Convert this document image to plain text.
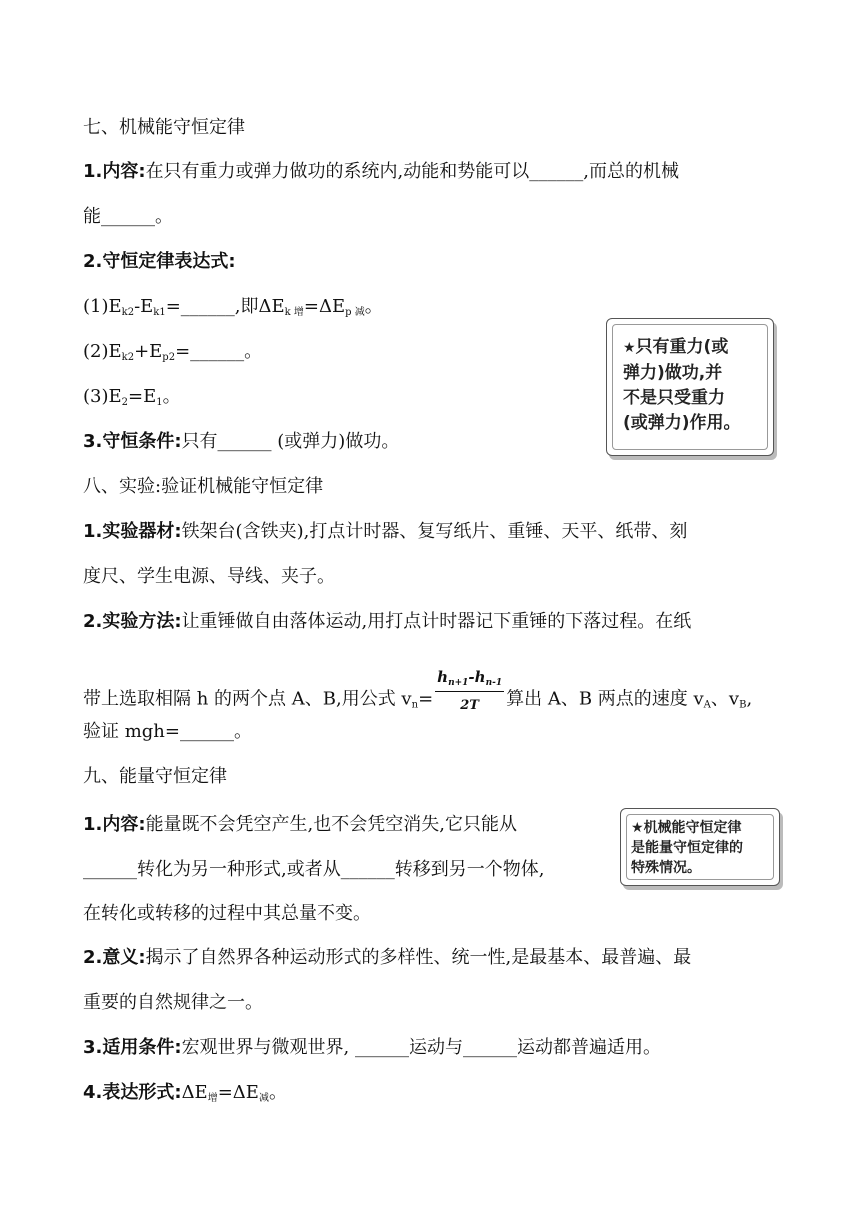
七、机械能守恒定律
1.内容:在只有重力或弹力做功的系统内,动能和势能可以______,而总的机械
能______。
2.守恒定律表达式:
$(1)E_{k2}-E_{k1}=\_\_\_\_\_\_$,即$\Delta E_{k 增}=\Delta E_{p 减}$。
$(2)E_{k2}+E_{p2}=\_\_\_\_\_\_$。
$(3)E_2=E_1$。
3.守恒条件:只有______ (或弹力)做功。
★只有重力(或
弹力)做功,并
不是只受重力
(或弹力)作用。
八、实验:验证机械能守恒定律
1.实验器材:铁架台(含铁夹),打点计时器、复写纸片、重锤、天平、纸带、刻
度尺、学生电源、导线、夹子。
2.实验方法:让重锤做自由落体运动,用打点计时器记下重锤的下落过程。在纸
带上选取相隔 h 的两个点 A、B,用公式 $v_n= \frac{h_{n+1}-h_{n-1}}{2T}$ 算出 A、B 两点的速度 $v_A$、$v_B$,
验证 mgh=______。
九、能量守恒定律
1.内容:能量既不会凭空产生,也不会凭空消失,它只能从
______转化为另一种形式,或者从______转移到另一个物体,
在转化或转移的过程中其总量不变。
★机械能守恒定律
是能量守恒定律的
特殊情况。
2.意义:揭示了自然界各种运动形式的多样性、统一性,是最基本、最普遍、最
重要的自然规律之一。
3.适用条件:宏观世界与微观世界, ______运动与______运动都普遍适用。
4.表达形式$:\Delta E_增=\Delta E_减$。
